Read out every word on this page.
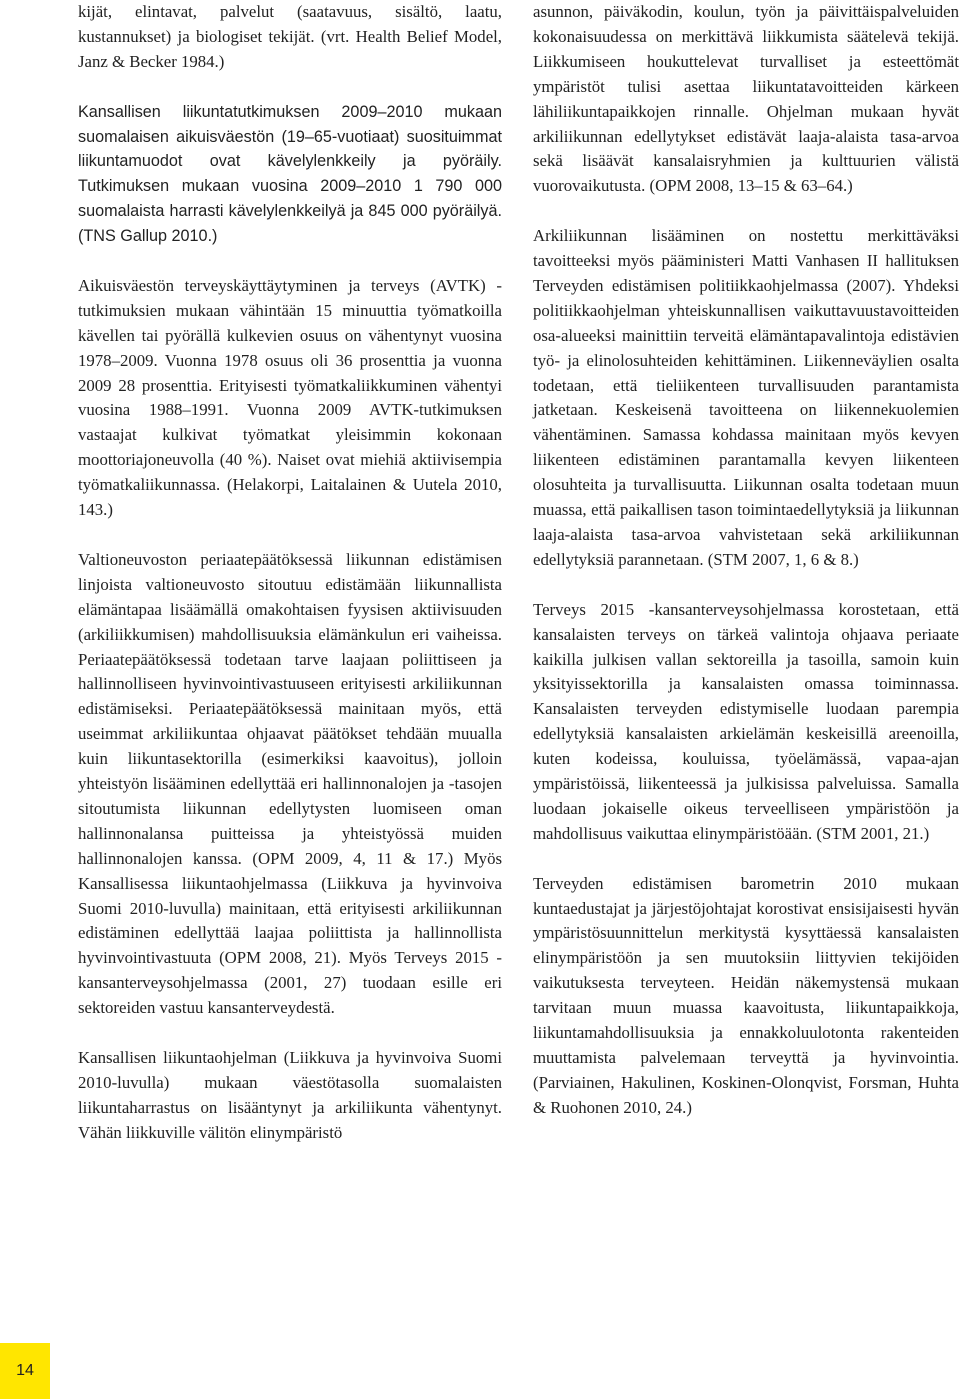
kijät, elintavat, palvelut (saatavuus, sisältö, laatu, kustannukset) ja biologiset tekijät. (vrt. Health Belief Model, Janz & Becker 1984.)

Kansallisen liikuntatutkimuksen 2009–2010 mukaan suomalaisen aikuisväestön (19–65-vuotiaat) suosituimmat liikuntamuodot ovat kävelylenkkeily ja pyöräily. Tutkimuksen mukaan vuosina 2009–2010 1 790 000 suomalaista harrasti kävelylenkkeilyä ja 845 000 pyöräilyä. (TNS Gallup 2010.)

Aikuisväestön terveyskäyttäytyminen ja terveys (AVTK) -tutkimuksien mukaan vähintään 15 minuuttia työmatkoilla kävellen tai pyörällä kulkevien osuus on vähentynyt vuosina 1978–2009. Vuonna 1978 osuus oli 36 prosenttia ja vuonna 2009 28 prosenttia. Erityisesti työmatkaliikkuminen vähentyi vuosina 1988–1991. Vuonna 2009 AVTK-tutkimuksen vastaajat kulkivat työmatkat yleisimmin kokonaan moottoriajoneuvolla (40 %). Naiset ovat miehiä aktiivisempia työmatkaliikunnassa. (Helakorpi, Laitalainen & Uutela 2010, 143.)

Valtioneuvoston periaatepäätöksessä liikunnan edistämisen linjoista valtioneuvosto sitoutuu edistämään liikunnallista elämäntapaa lisäämällä omakohtaisen fyysisen aktiivisuuden (arkiliikkumisen) mahdollisuuksia elämänkulun eri vaiheissa. Periaatepäätöksessä todetaan tarve laajaan poliittiseen ja hallinnolliseen hyvinvointivastuuseen erityisesti arkiliikunnan edistämiseksi. Periaatepäätöksessä mainitaan myös, että useimmat arkiliikuntaa ohjaavat päätökset tehdään muualla kuin liikuntasektorilla (esimerkiksi kaavoitus), jolloin yhteistyön lisääminen edellyttää eri hallinnonalojen ja -tasojen sitoutumista liikunnan edellytysten luomiseen oman hallinnonalansa puitteissa ja yhteistyössä muiden hallinnonalojen kanssa. (OPM 2009, 4, 11 & 17.) Myös Kansallisessa liikuntaohjelmassa (Liikkuva ja hyvinvoiva Suomi 2010-luvulla) mainitaan, että erityisesti arkiliikunnan edistäminen edellyttää laajaa poliittista ja hallinnollista hyvinvointivastuuta (OPM 2008, 21). Myös Terveys 2015 -kansanterveysohjelmassa (2001, 27) tuodaan esille eri sektoreiden vastuu kansanterveydestä.

Kansallisen liikuntaohjelman (Liikkuva ja hyvinvoiva Suomi 2010-luvulla) mukaan väestötasolla suomalaisten liikuntaharrastus on lisääntynyt ja arkiliikunta vähentynyt. Vähän liikkuville välitön elinympäristö

asunnon, päiväkodin, koulun, työn ja päivittäispalveluiden kokonaisuudessa on merkittävä liikkumista säätelevä tekijä. Liikkumiseen houkuttelevat turvalliset ja esteettömät ympäristöt tulisi asettaa liikuntatavoitteiden kärkeen lähiliikuntapaikkojen rinnalle. Ohjelman mukaan hyvät arkiliikunnan edellytykset edistävät laaja-alaista tasa-arvoa sekä lisäävät kansalaisryhmien ja kulttuurien välistä vuorovaikutusta. (OPM 2008, 13–15 & 63–64.)

Arkiliikunnan lisääminen on nostettu merkittäväksi tavoitteeksi myös pääministeri Matti Vanhasen II hallituksen Terveyden edistämisen politiikkaohjelmassa (2007). Yhdeksi politiikkaohjelman yhteiskunnallisen vaikuttavuustavoitteiden osa-alueeksi mainittiin terveitä elämäntapavalintoja edistävien työ- ja elinolosuhteiden kehittäminen. Liikenneväylien osalta todetaan, että tieliikenteen turvallisuuden parantamista jatketaan. Keskeisenä tavoitteena on liikennekuolemien vähentäminen. Samassa kohdassa mainitaan myös kevyen liikenteen edistäminen parantamalla kevyen liikenteen olosuhteita ja turvallisuutta. Liikunnan osalta todetaan muun muassa, että paikallisen tason toimintaedellytyksiä ja liikunnan laaja-alaista tasa-arvoa vahvistetaan sekä arkiliikunnan edellytyksiä parannetaan. (STM 2007, 1, 6 & 8.)

Terveys 2015 -kansanterveysohjelmassa korostetaan, että kansalaisten terveys on tärkeä valintoja ohjaava periaate kaikilla julkisen vallan sektoreilla ja tasoilla, samoin kuin yksityissektorilla ja kansalaisten omassa toiminnassa. Kansalaisten terveyden edistymiselle luodaan parempia edellytyksiä kansalaisten arkielämän keskeisillä areenoilla, kuten kodeissa, kouluissa, työelämässä, vapaa-ajan ympäristöissä, liikenteessä ja julkisissa palveluissa. Samalla luodaan jokaiselle oikeus terveelliseen ympäristöön ja mahdollisuus vaikuttaa elinympäristöään. (STM 2001, 21.)

Terveyden edistämisen barometrin 2010 mukaan kuntaedustajat ja järjestöjohtajat korostivat ensisijaisesti hyvän ympäristösuunnittelun merkitystä kysyttäessä kansalaisten elinympäristöön ja sen muutoksiin liittyvien tekijöiden vaikutuksesta terveyteen. Heidän näkemystensä mukaan tarvitaan muun muassa kaavoitusta, liikuntapaikkoja, liikuntamahdollisuuksia ja ennakkoluulotonta rakenteiden muuttamista palvelemaan terveyttä ja hyvinvointia. (Parviainen, Hakulinen, Koskinen-Olonqvist, Forsman, Huhta & Ruohonen 2010, 24.)

14
